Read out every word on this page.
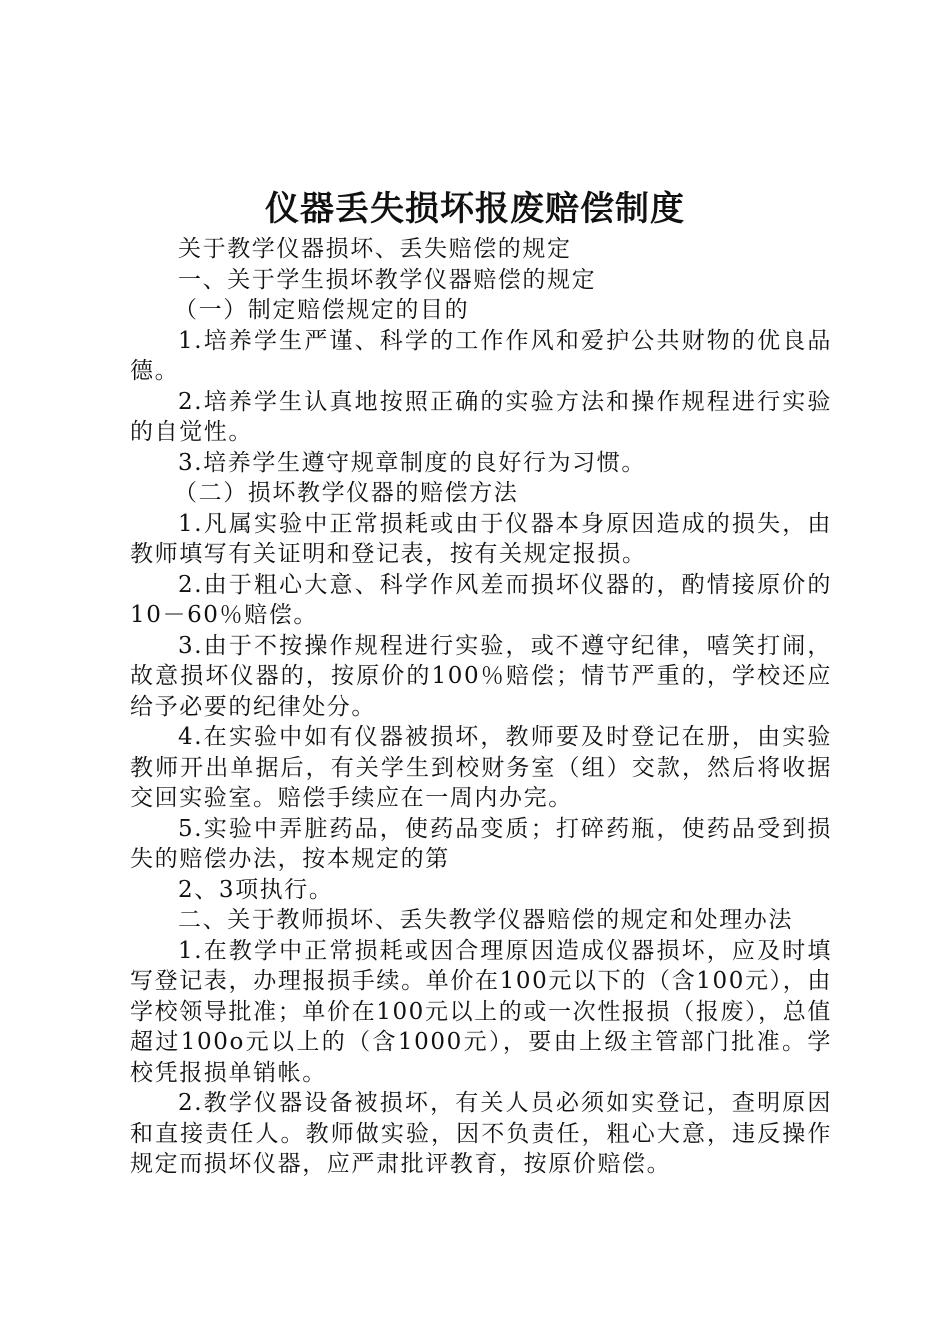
仪器丢失损坏报废赔偿制度

关于教学仪器损坏、丢失赔偿的规定

一、关于学生损坏教学仪器赔偿的规定

（一）制定赔偿规定的目的

1.培养学生严谨、科学的工作作风和爱护公共财物的优良品德。

2.培养学生认真地按照正确的实验方法和操作规程进行实验的自觉性。

3.培养学生遵守规章制度的良好行为习惯。

（二）损坏教学仪器的赔偿方法

1.凡属实验中正常损耗或由于仪器本身原因造成的损失，由教师填写有关证明和登记表，按有关规定报损。

2.由于粗心大意、科学作风差而损坏仪器的，酌情接原价的10－60％赔偿。

3.由于不按操作规程进行实验，或不遵守纪律，嘻笑打闹，故意损坏仪器的，按原价的100％赔偿；情节严重的，学校还应给予必要的纪律处分。

4.在实验中如有仪器被损坏，教师要及时登记在册，由实验教师开出单据后，有关学生到校财务室（组）交款，然后将收据交回实验室。赔偿手续应在一周内办完。

5.实验中弄脏药品，使药品变质；打碎药瓶，使药品受到损失的赔偿办法，按本规定的第

2、3项执行。

二、关于教师损坏、丢失教学仪器赔偿的规定和处理办法

1.在教学中正常损耗或因合理原因造成仪器损坏，应及时填写登记表，办理报损手续。单价在100元以下的（含100元），由学校领导批准；单价在100元以上的或一次性报损（报废），总值超过100o元以上的（含1000元），要由上级主管部门批准。学校凭报损单销帐。

2.教学仪器设备被损坏，有关人员必须如实登记，查明原因和直接责任人。教师做实验，因不负责任，粗心大意，违反操作规定而损坏仪器，应严肃批评教育，按原价赔偿。
